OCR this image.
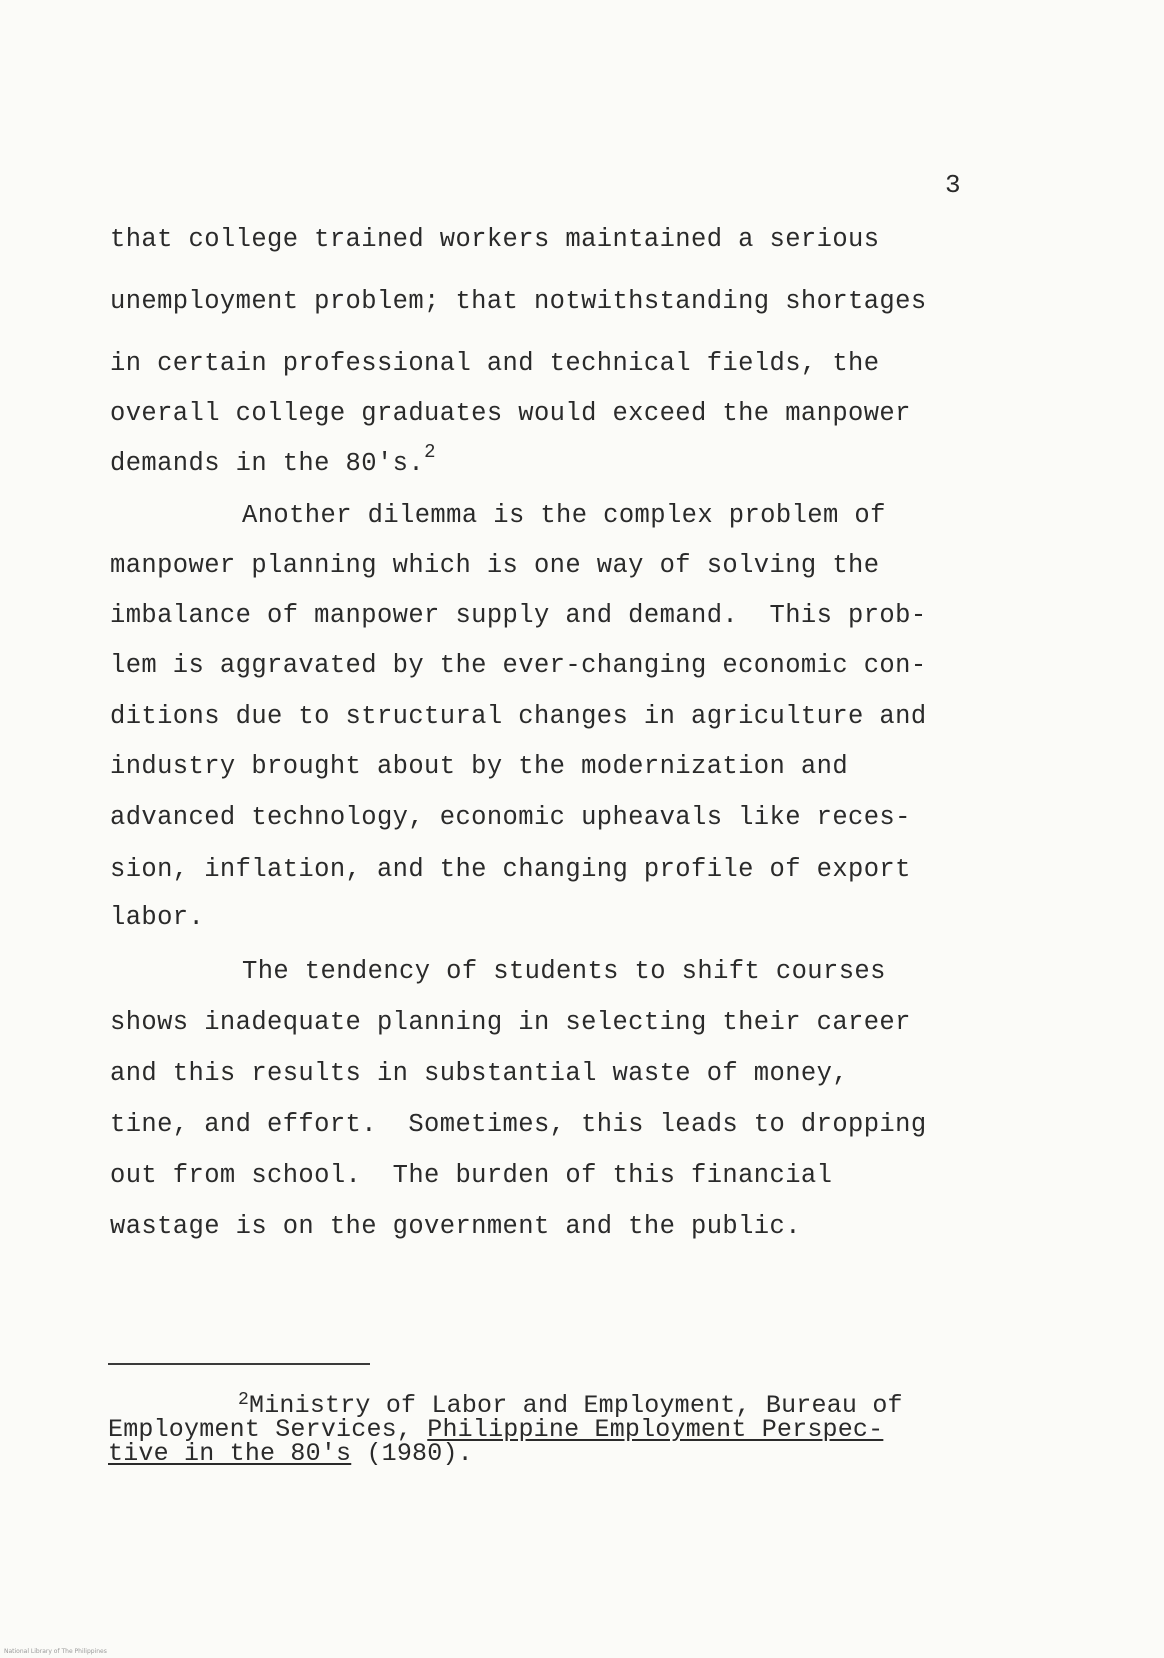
3
that college trained workers maintained a serious
unemployment problem; that notwithstanding shortages
in certain professional and technical fields, the
overall college graduates would exceed the manpower
demands in the 80's.$^2$
Another dilemma is the complex problem of
manpower planning which is one way of solving the
imbalance of manpower supply and demand.  This prob-
lem is aggravated by the ever-changing economic con-
ditions due to structural changes in agriculture and
industry brought about by the modernization and
advanced technology, economic upheavals like reces-
sion, inflation, and the changing profile of export
labor.
The tendency of students to shift courses
shows inadequate planning in selecting their career
and this results in substantial waste of money,
tine, and effort.  Sometimes, this leads to dropping
out from school.  The burden of this financial
wastage is on the government and the public.
$^2$Ministry of Labor and Employment, Bureau of
Employment Services, Philippine Employment Perspec-
tive in the 80's (1980).
National Library of The Philippines
